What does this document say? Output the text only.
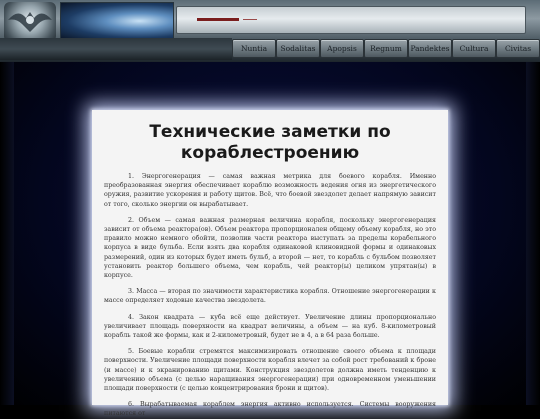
Nuntia	Sodalitas	Apopsis	Regnum	Pandektes	Cultura	Civitas
Технические заметки по кораблестроению

1. Энергогенерация — самая важная метрика для боевого корабля. Именно преобразованная энергия обеспечивает кораблю возможность ведения огня из энергетического оружия, развитие ускорения и работу щитов. Всё, что боевой звездолет делает напрямую зависит от того, сколько энергии он вырабатывает.

2. Объем — самая важная размерная величина корабля, поскольку энергогенерация зависит от объема реактора(ов). Объем реактора пропорционален общему объему корабля, но это правило можно немного обойти, позволив части реактора выступать за пределы корабельного корпуса в виде бульба. Если взять два корабля одинаковой клиновидной формы и одинаковых размерений, один из которых будет иметь бульб, а второй — нет, то корабль с бульбом позволяет установить реактор большего объема, чем корабль, чей реактор(ы) целиком упрятан(ы) в корпусе.

3. Масса — вторая по значимости характеристика корабля. Отношение энергогенерации к массе определяет ходовые качества звездолета.

4. Закон квадрата — куба всё еще действует. Увеличение длины пропорционально увеличивает площадь поверхности на квадрат величины, а объем — на куб. 8-километровый корабль такой же формы, как и 2-километровый, будет не в 4, а в 64 раза больше.

5. Боевые корабли стремятся максимизировать отношение своего объема к площади поверхности. Увеличение площади поверхности корабля влечет за собой рост требований к броне (и массе) и к экранированию щитами. Конструкция звездолетов должна иметь тенденцию к увеличению объема (с целью наращивания энергогенерации) при одновременном уменьшении площади поверхности (с целью концентрирования брони и щитов).

6. Вырабатываемая кораблем энергия активно используется. Системы вооружения питаются от
